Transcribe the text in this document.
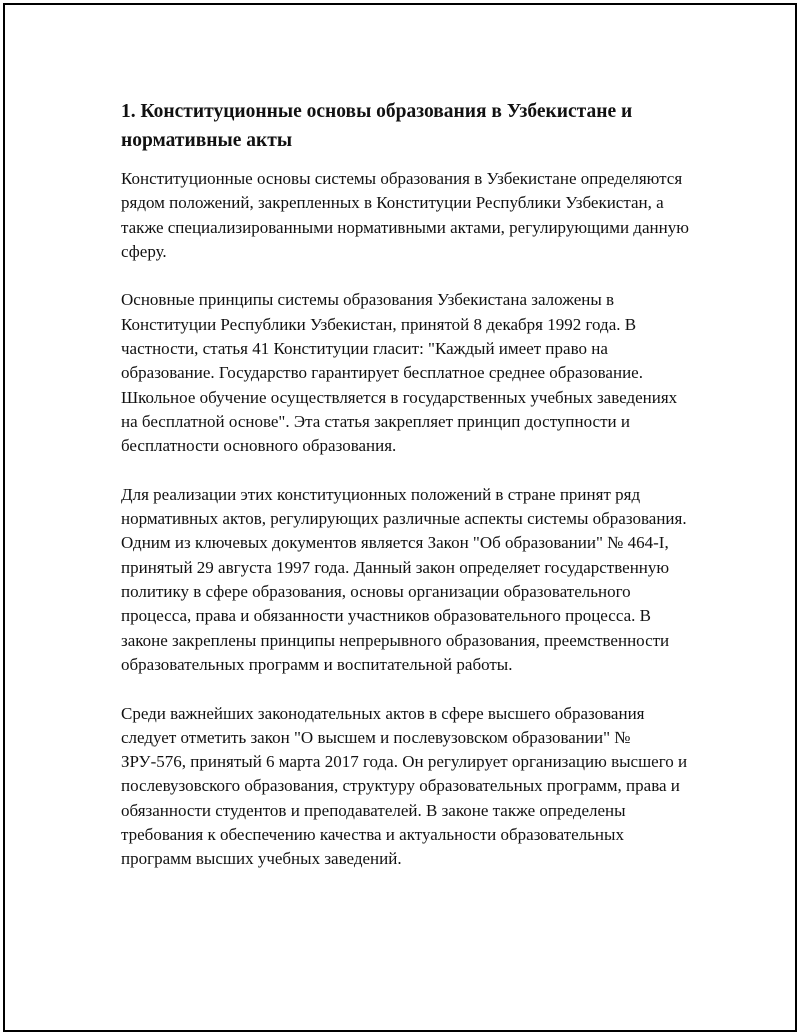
1. Конституционные основы образования в Узбекистане и нормативные акты

Конституционные основы системы образования в Узбекистане определяются рядом положений, закрепленных в Конституции Республики Узбекистан, а также специализированными нормативными актами, регулирующими данную сферу.

Основные принципы системы образования Узбекистана заложены в Конституции Республики Узбекистан, принятой 8 декабря 1992 года. В частности, статья 41 Конституции гласит: "Каждый имеет право на образование. Государство гарантирует бесплатное среднее образование. Школьное обучение осуществляется в государственных учебных заведениях на бесплатной основе". Эта статья закрепляет принцип доступности и бесплатности основного образования.

Для реализации этих конституционных положений в стране принят ряд нормативных актов, регулирующих различные аспекты системы образования. Одним из ключевых документов является Закон "Об образовании" № 464-I, принятый 29 августа 1997 года. Данный закон определяет государственную политику в сфере образования, основы организации образовательного процесса, права и обязанности участников образовательного процесса. В законе закреплены принципы непрерывного образования, преемственности образовательных программ и воспитательной работы.

Среди важнейших законодательных актов в сфере высшего образования следует отметить закон "О высшем и послевузовском образовании" № ЗРУ-576, принятый 6 марта 2017 года. Он регулирует организацию высшего и послевузовского образования, структуру образовательных программ, права и обязанности студентов и преподавателей. В законе также определены требования к обеспечению качества и актуальности образовательных программ высших учебных заведений.
